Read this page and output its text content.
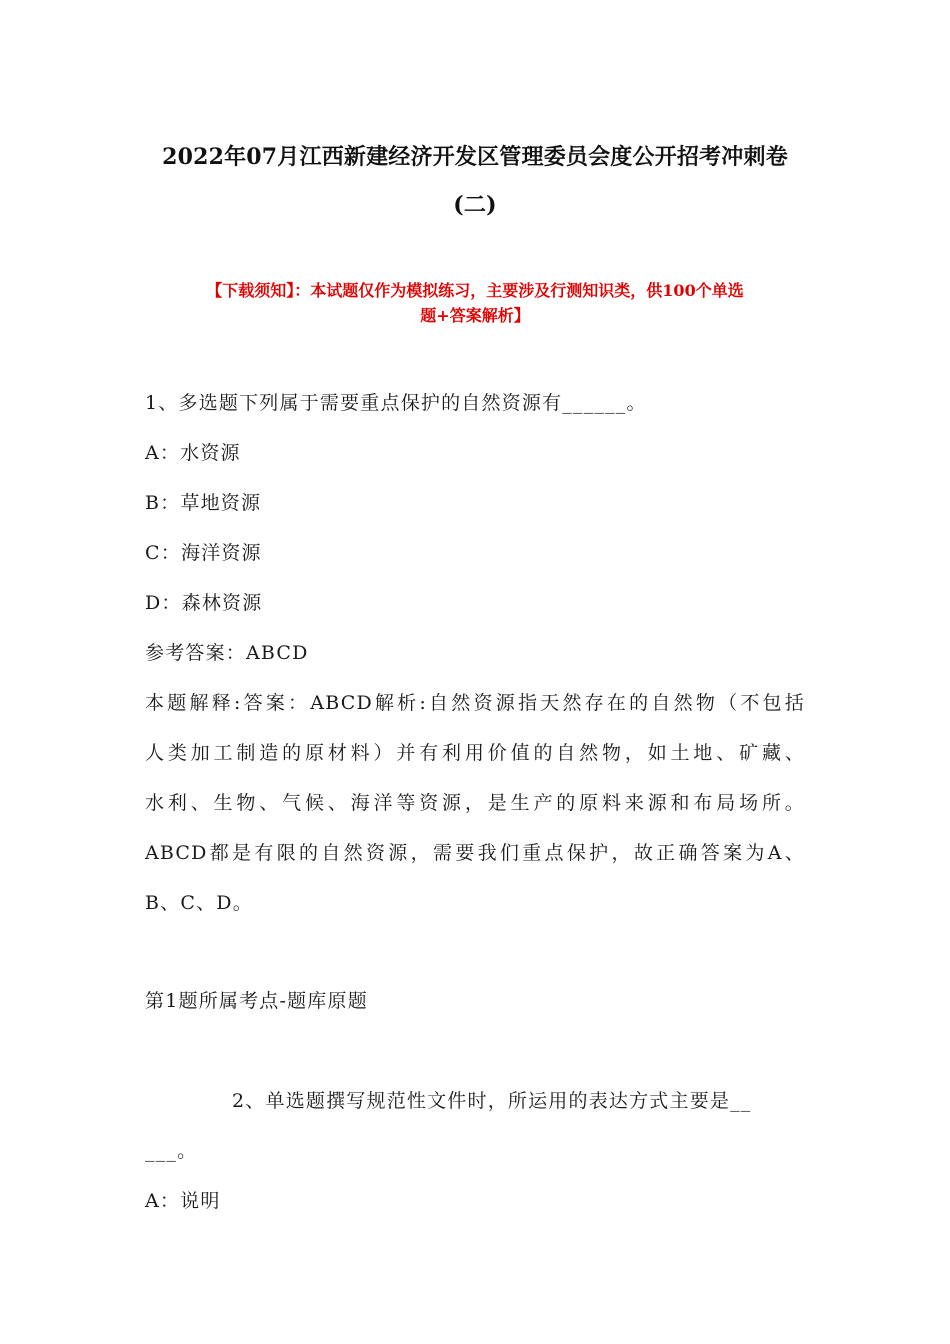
2022年07月江西新建经济开发区管理委员会度公开招考冲刺卷
(二)
【下载须知】：本试题仅作为模拟练习，主要涉及行测知识类，供100个单选
题+答案解析】
1、多选题下列属于需要重点保护的自然资源有______。
A：水资源
B：草地资源
C：海洋资源
D：森林资源
参考答案：ABCD
本题解释:答案：ABCD解析:自然资源指天然存在的自然物（不包括
人类加工制造的原材料）并有利用价值的自然物，如土地、矿藏、
水利、生物、气候、海洋等资源，是生产的原料来源和布局场所。
ABCD都是有限的自然资源，需要我们重点保护，故正确答案为A、
B、C、D。
第1题所属考点-题库原题
2、单选题撰写规范性文件时，所运用的表达方式主要是__
___。
A：说明
